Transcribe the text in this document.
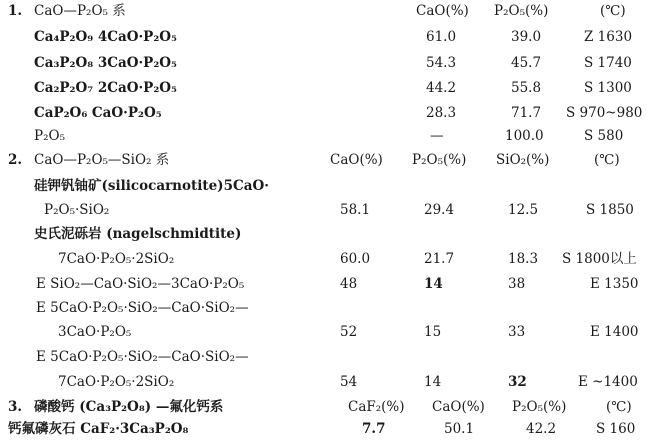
1. CaO—P₂O₅ 系	CaO(%) P₂O₅(%)	(℃)
Ca₄P₂O₉ 4CaO·P₂O₅	61.0	39.0	Z 1630
Ca₃P₂O₈ 3CaO·P₂O₅	54.3	45.7	S 1740
Ca₂P₂O₇ 2CaO·P₂O₅	44.2	55.8	S 1300
CaP₂O₆ CaO·P₂O₅	28.3	71.7 S 970~980
P₂O₅	—	100.0	S 580
2. CaO—P₂O₅—SiO₂ 系	CaO(%) P₂O₅(%) SiO₂(%)	(℃)
硅钾钒铀矿(silicocarnotite)5CaO·
P₂O₅·SiO₂	58.1	29.4	12.5	S 1850
史氏泥砾岩 (nagelschmidtite)
7CaO·P₂O₅·2SiO₂	60.0	21.7	18.3 S 1800以上
E SiO₂—CaO·SiO₂—3CaO·P₂O₅	48	14	38	E 1350
E 5CaO·P₂O₅·SiO₂—CaO·SiO₂—
3CaO·P₂O₅	52	15	33	E 1400
E 5CaO·P₂O₅·SiO₂—CaO·SiO₂—
7CaO·P₂O₅·2SiO₂	54	14	32	E ~1400
3. 磷酸钙 (Ca₃P₂O₈) —氟化钙系	CaF₂(%) CaO(%) P₂O₅(%)	(℃)
钙氟磷灰石 CaF₂·3Ca₃P₂O₈	7.7	50.1	42.2	S 160
